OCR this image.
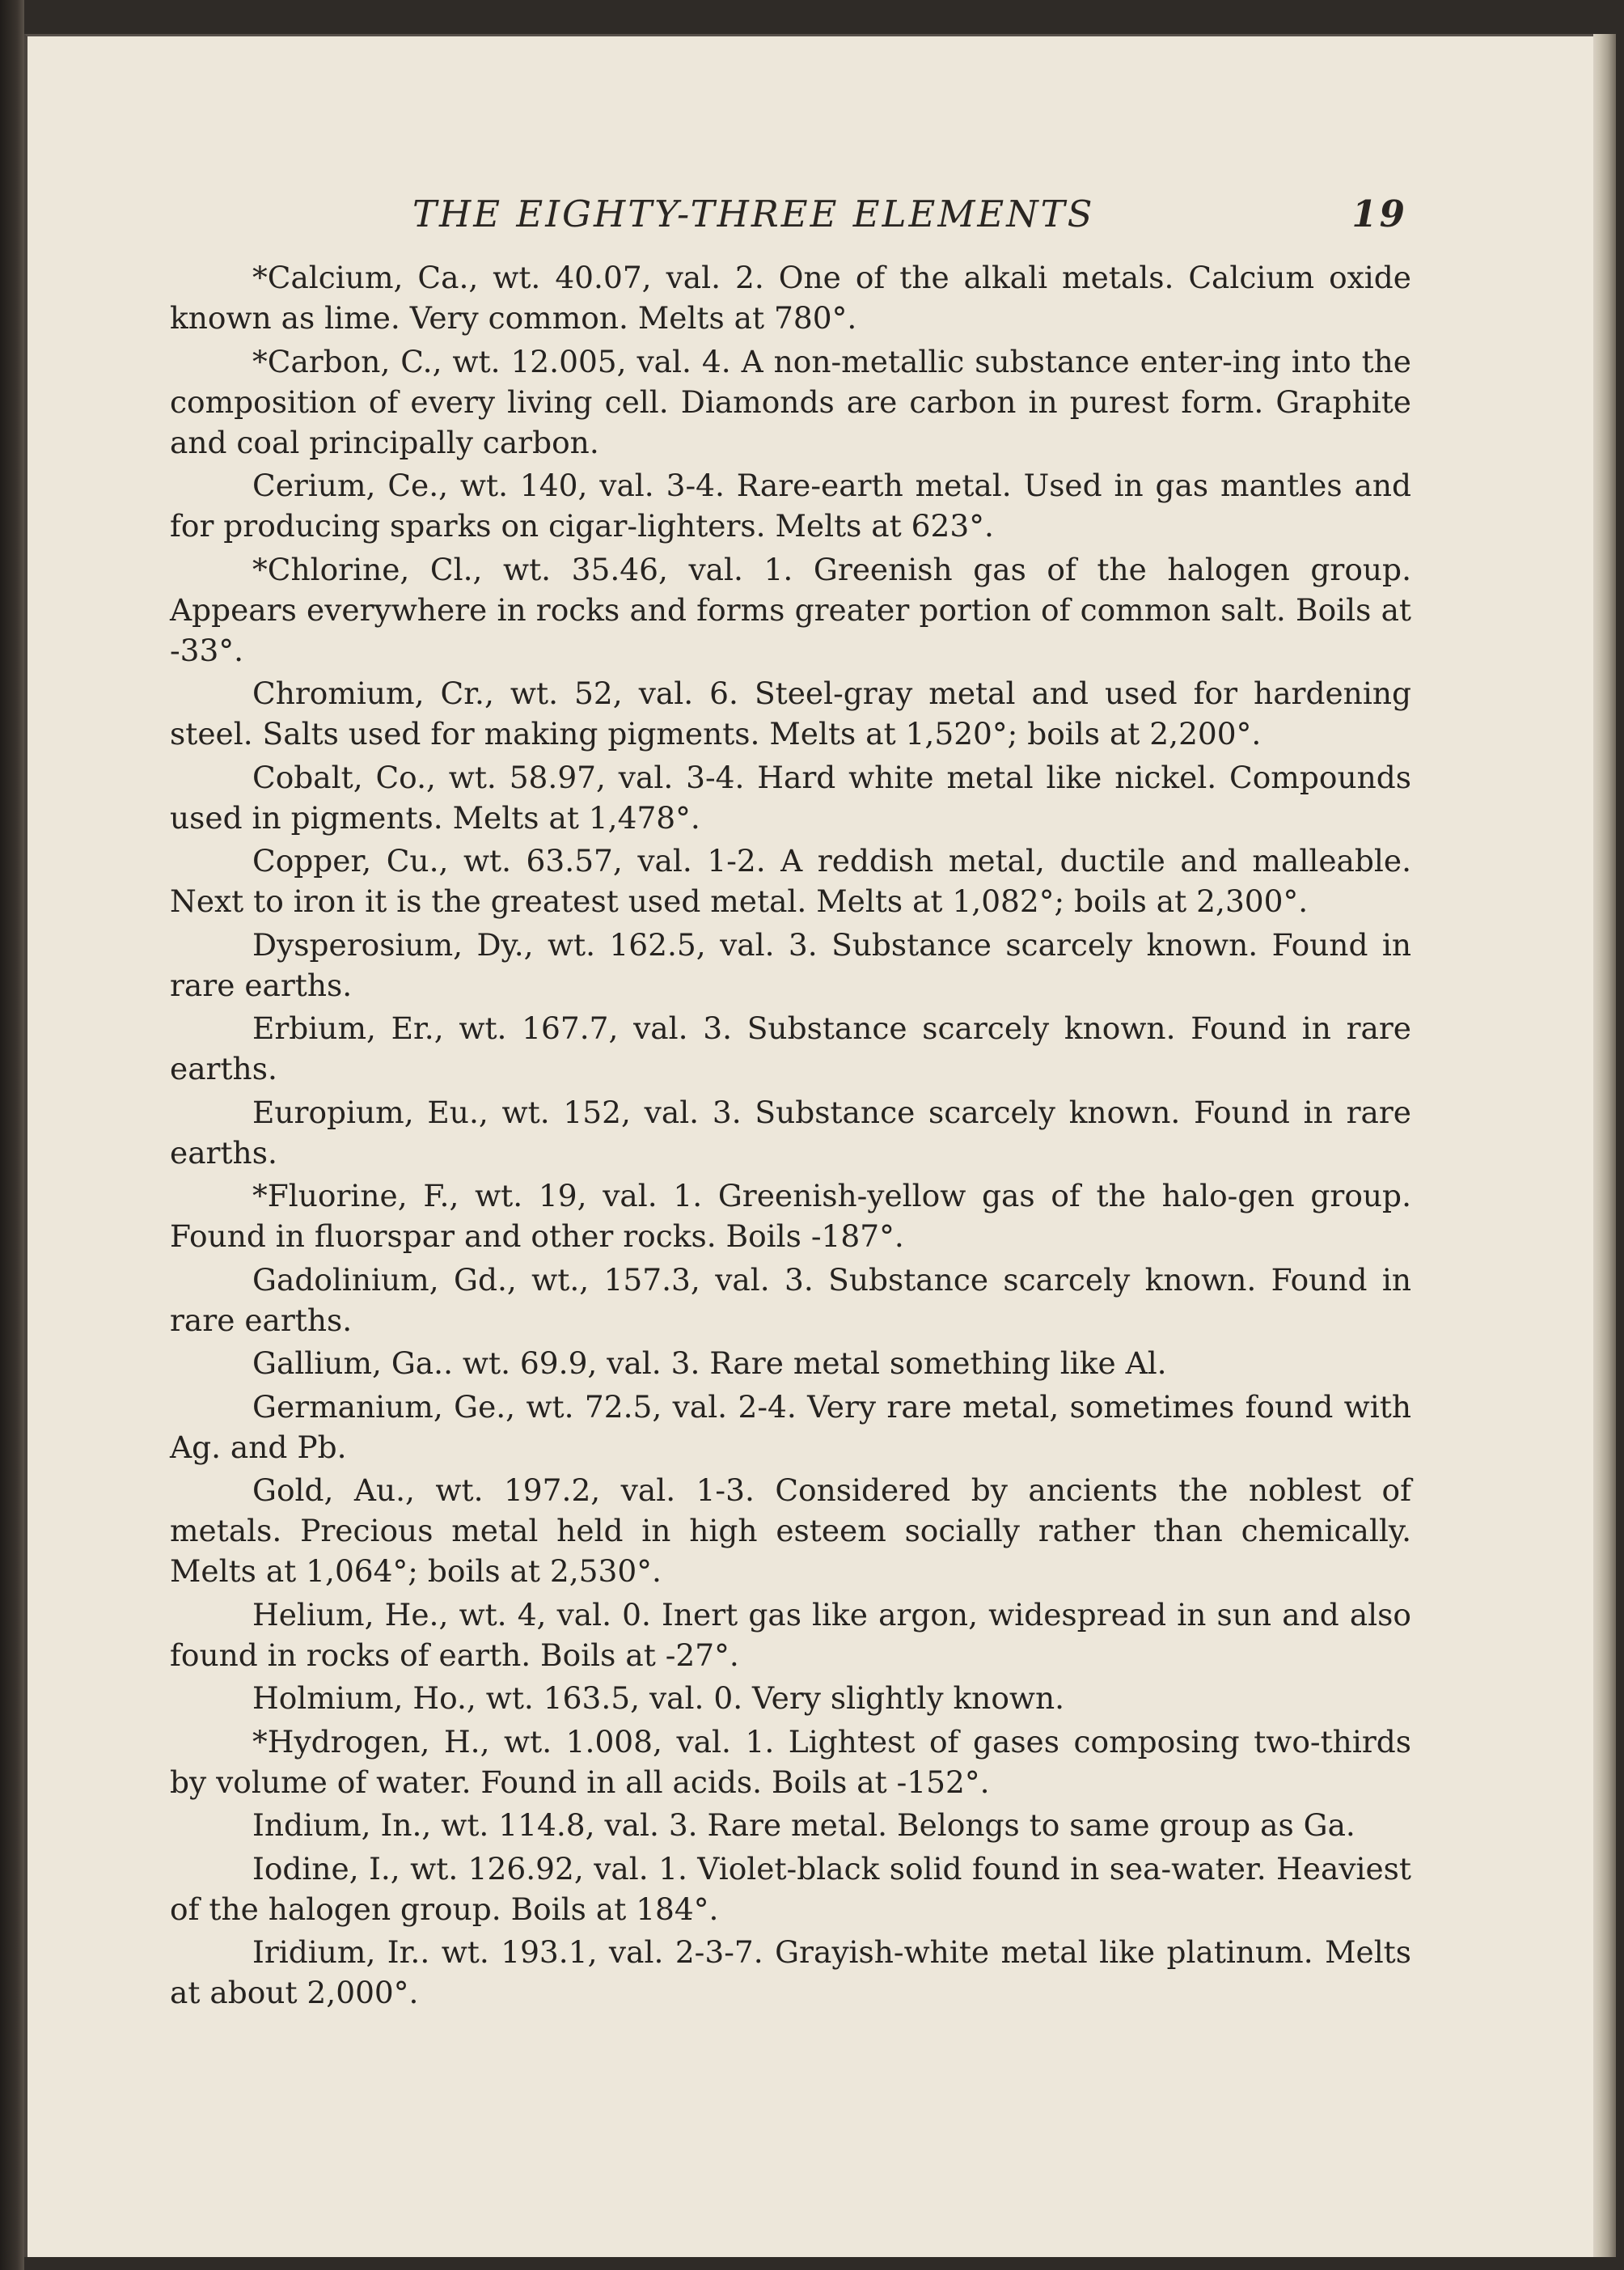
THE EIGHTY-THREE ELEMENTS	19

*Calcium, Ca., wt. 40.07, val. 2. One of the alkali metals. Calcium oxide known as lime. Very common. Melts at 780°.

*Carbon, C., wt. 12.005, val. 4. A non-metallic substance enter-ing into the composition of every living cell. Diamonds are carbon in purest form. Graphite and coal principally carbon.

Cerium, Ce., wt. 140, val. 3-4. Rare-earth metal. Used in gas mantles and for producing sparks on cigar-lighters. Melts at 623°.

*Chlorine, Cl., wt. 35.46, val. 1. Greenish gas of the halogen group. Appears everywhere in rocks and forms greater portion of common salt. Boils at -33°.

Chromium, Cr., wt. 52, val. 6. Steel-gray metal and used for hardening steel. Salts used for making pigments. Melts at 1,520°; boils at 2,200°.

Cobalt, Co., wt. 58.97, val. 3-4. Hard white metal like nickel. Compounds used in pigments. Melts at 1,478°.

Copper, Cu., wt. 63.57, val. 1-2. A reddish metal, ductile and malleable. Next to iron it is the greatest used metal. Melts at 1,082°; boils at 2,300°.

Dysperosium, Dy., wt. 162.5, val. 3. Substance scarcely known. Found in rare earths.

Erbium, Er., wt. 167.7, val. 3. Substance scarcely known. Found in rare earths.

Europium, Eu., wt. 152, val. 3. Substance scarcely known. Found in rare earths.

*Fluorine, F., wt. 19, val. 1. Greenish-yellow gas of the halo-gen group. Found in fluorspar and other rocks. Boils -187°.

Gadolinium, Gd., wt., 157.3, val. 3. Substance scarcely known. Found in rare earths.

Gallium, Ga.. wt. 69.9, val. 3. Rare metal something like Al.

Germanium, Ge., wt. 72.5, val. 2-4. Very rare metal, sometimes found with Ag. and Pb.

Gold, Au., wt. 197.2, val. 1-3. Considered by ancients the noblest of metals. Precious metal held in high esteem socially rather than chemically. Melts at 1,064°; boils at 2,530°.

Helium, He., wt. 4, val. 0. Inert gas like argon, widespread in sun and also found in rocks of earth. Boils at -27°.

Holmium, Ho., wt. 163.5, val. 0. Very slightly known.

*Hydrogen, H., wt. 1.008, val. 1. Lightest of gases composing two-thirds by volume of water. Found in all acids. Boils at -152°.

Indium, In., wt. 114.8, val. 3. Rare metal. Belongs to same group as Ga.

Iodine, I., wt. 126.92, val. 1. Violet-black solid found in sea-water. Heaviest of the halogen group. Boils at 184°.

Iridium, Ir.. wt. 193.1, val. 2-3-7. Grayish-white metal like platinum. Melts at about 2,000°.
